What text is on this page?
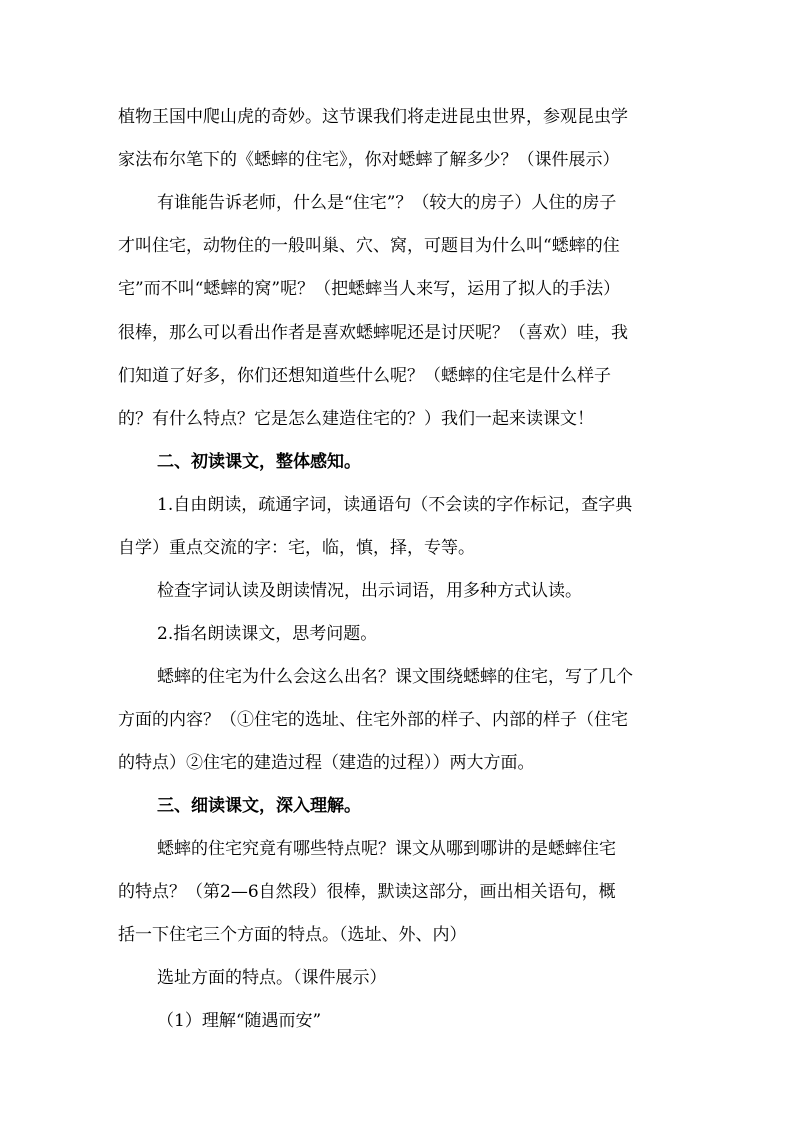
植物王国中爬山虎的奇妙。这节课我们将走进昆虫世界，参观昆虫学
家法布尔笔下的《蟋蟀的住宅》，你对蟋蟀了解多少？（课件展示）
有谁能告诉老师，什么是“住宅”？（较大的房子）人住的房子
才叫住宅，动物住的一般叫巢、穴、窝，可题目为什么叫“蟋蟀的住
宅”而不叫“蟋蟀的窝”呢？（把蟋蟀当人来写，运用了拟人的手法）
很棒，那么可以看出作者是喜欢蟋蟀呢还是讨厌呢？（喜欢）哇，我
们知道了好多，你们还想知道些什么呢？（蟋蟀的住宅是什么样子
的？有什么特点？它是怎么建造住宅的？）我们一起来读课文！
二、初读课文，整体感知。
1.自由朗读，疏通字词，读通语句（不会读的字作标记，查字典
自学）重点交流的字：宅，临，慎，择，专等。
检查字词认读及朗读情况，出示词语，用多种方式认读。
2.指名朗读课文，思考问题。
蟋蟀的住宅为什么会这么出名？课文围绕蟋蟀的住宅，写了几个
方面的内容？（①住宅的选址、住宅外部的样子、内部的样子（住宅
的特点）②住宅的建造过程（建造的过程））两大方面。
三、细读课文，深入理解。
蟋蟀的住宅究竟有哪些特点呢？课文从哪到哪讲的是蟋蟀住宅
的特点？（第2—6自然段）很棒，默读这部分，画出相关语句，概
括一下住宅三个方面的特点。（选址、外、内）
选址方面的特点。（课件展示）
（1）理解“随遇而安”
